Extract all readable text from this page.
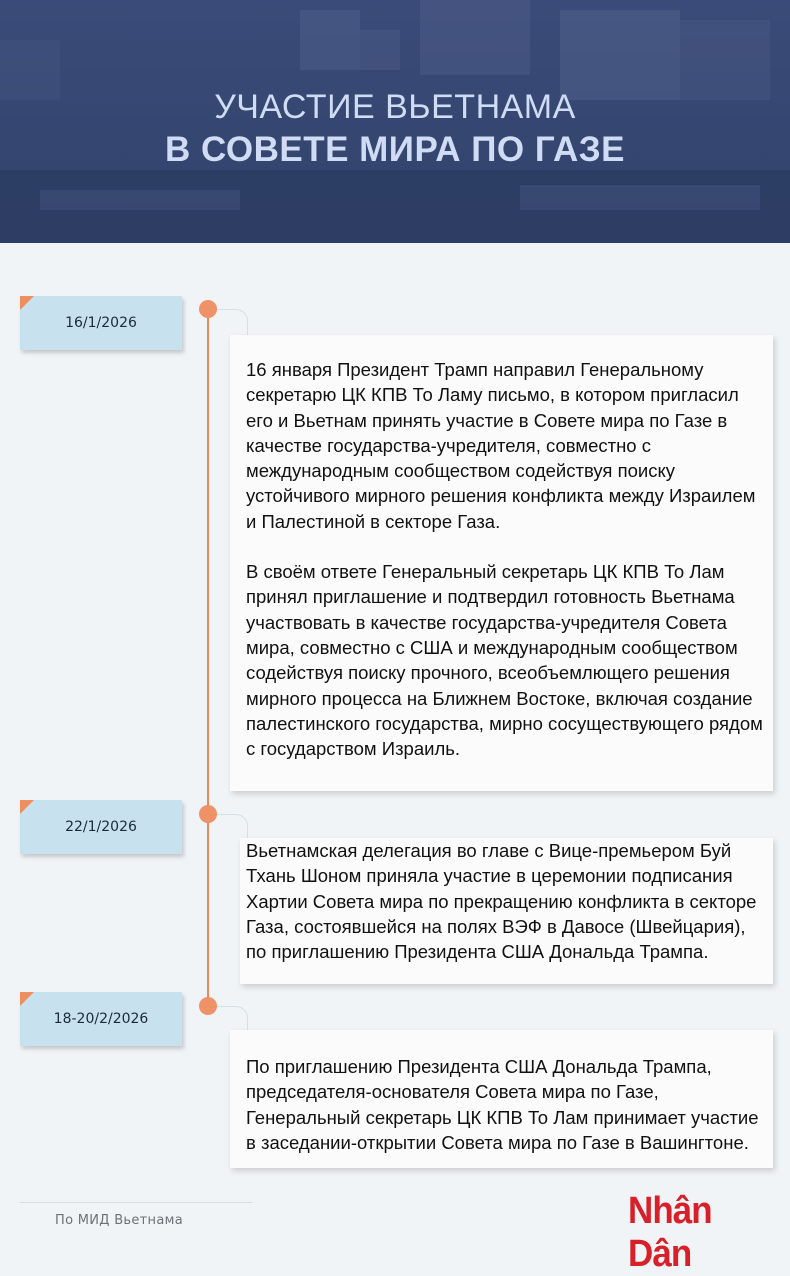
УЧАСТИЕ ВЬЕТНАМА
В СОВЕТЕ МИРА ПО ГАЗЕ
16/1/2026

16 января Президент Трамп направил Генеральному секретарю ЦК КПВ То Ламу письмо, в котором пригласил его и Вьетнам принять участие в Совете мира по Газе в качестве государства-учредителя, совместно с международным сообществом содействуя поиску устойчивого мирного решения конфликта между Израилем и Палестиной в секторе Газа.

В своём ответе Генеральный секретарь ЦК КПВ То Лам принял приглашение и подтвердил готовность Вьетнама участвовать в качестве государства-учредителя Совета мира, совместно с США и международным сообществом содействуя поиску прочного, всеобъемлющего решения мирного процесса на Ближнем Востоке, включая создание палестинского государства, мирно сосуществующего рядом с государством Израиль.

22/1/2026

Вьетнамская делегация во главе с Вице-премьером Буй Тхань Шоном приняла участие в церемонии подписания Хартии Совета мира по прекращению конфликта в секторе Газа, состоявшейся на полях ВЭФ в Давосе (Швейцария), по приглашению Президента США Дональда Трампа.

18-20/2/2026

По приглашению Президента США Дональда Трампа, председателя-основателя Совета мира по Газе, Генеральный секретарь ЦК КПВ То Лам принимает участие в заседании-открытии Совета мира по Газе в Вашингтоне.

По МИД Вьетнама	Nhân Dân
